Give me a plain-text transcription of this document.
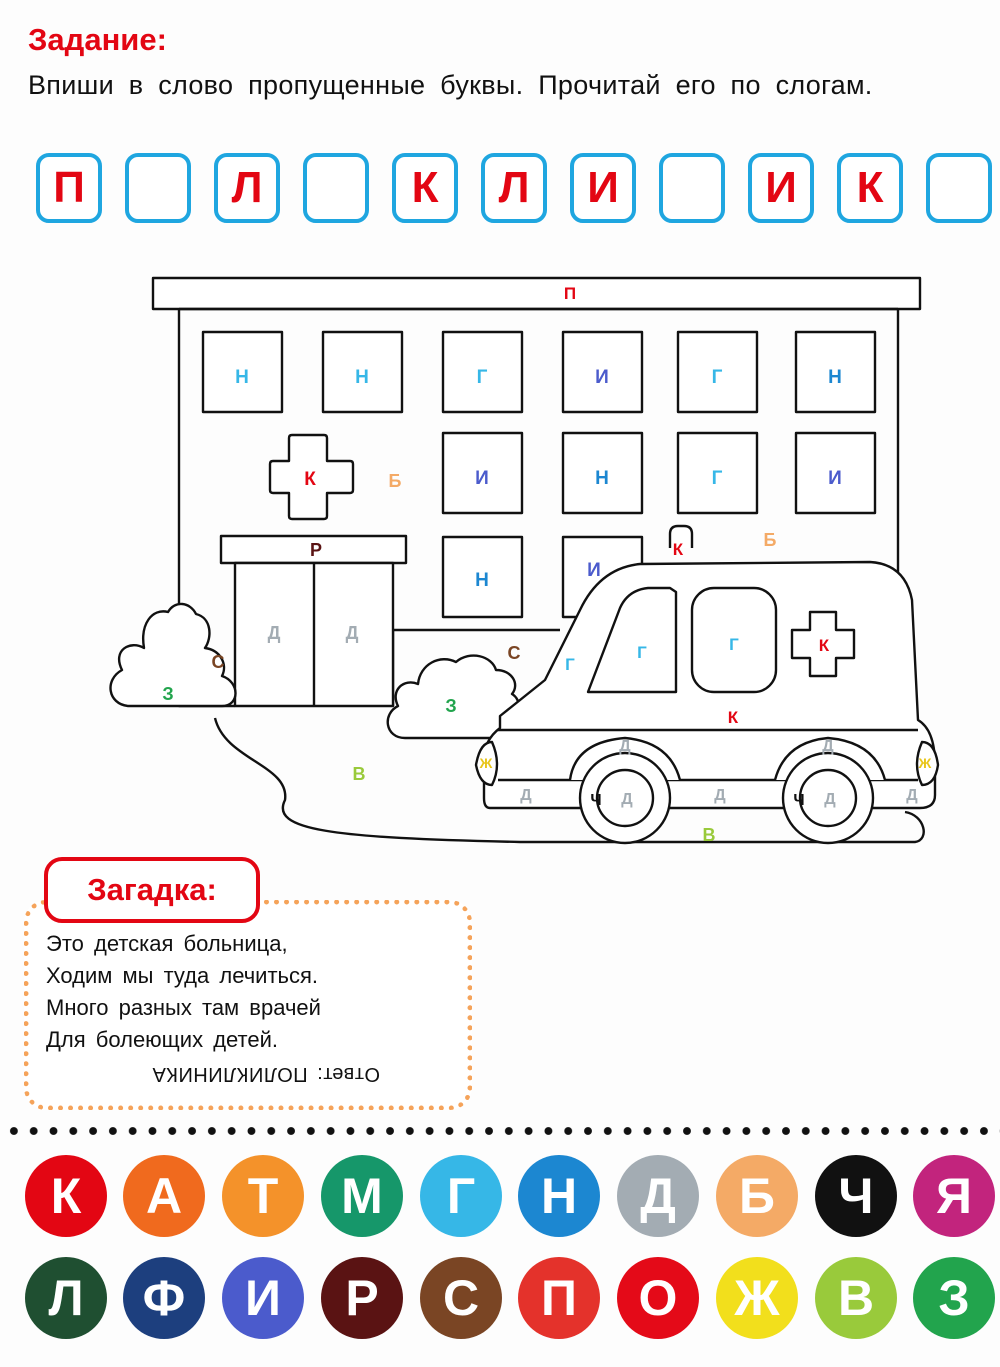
Задание:

Впиши в слово пропущенные буквы. Прочитай его по слогам.

П	Л	К	Л	И	И	К
П
Н	Н	Г	И	Г	Н
И	Н	Г	И
Н	И
К	Б
Б
Р
Д	Д
С
З
С
З
В
В
К
Г
Г	Г	К
К
Ж	Ж
Д	Д
Д	Д	Д
Д	Д
Ч	Ч
Загадка:
Это детская больница,
Ходим мы туда лечиться.
Много разных там врачей
Для болеющих детей.
Ответ: ПОЛИКЛИНИКА
К	А	Т	М	Г	Н	Д	Б	Ч	Я
Л	Ф	И	Р	С	П	О	Ж	В	З
